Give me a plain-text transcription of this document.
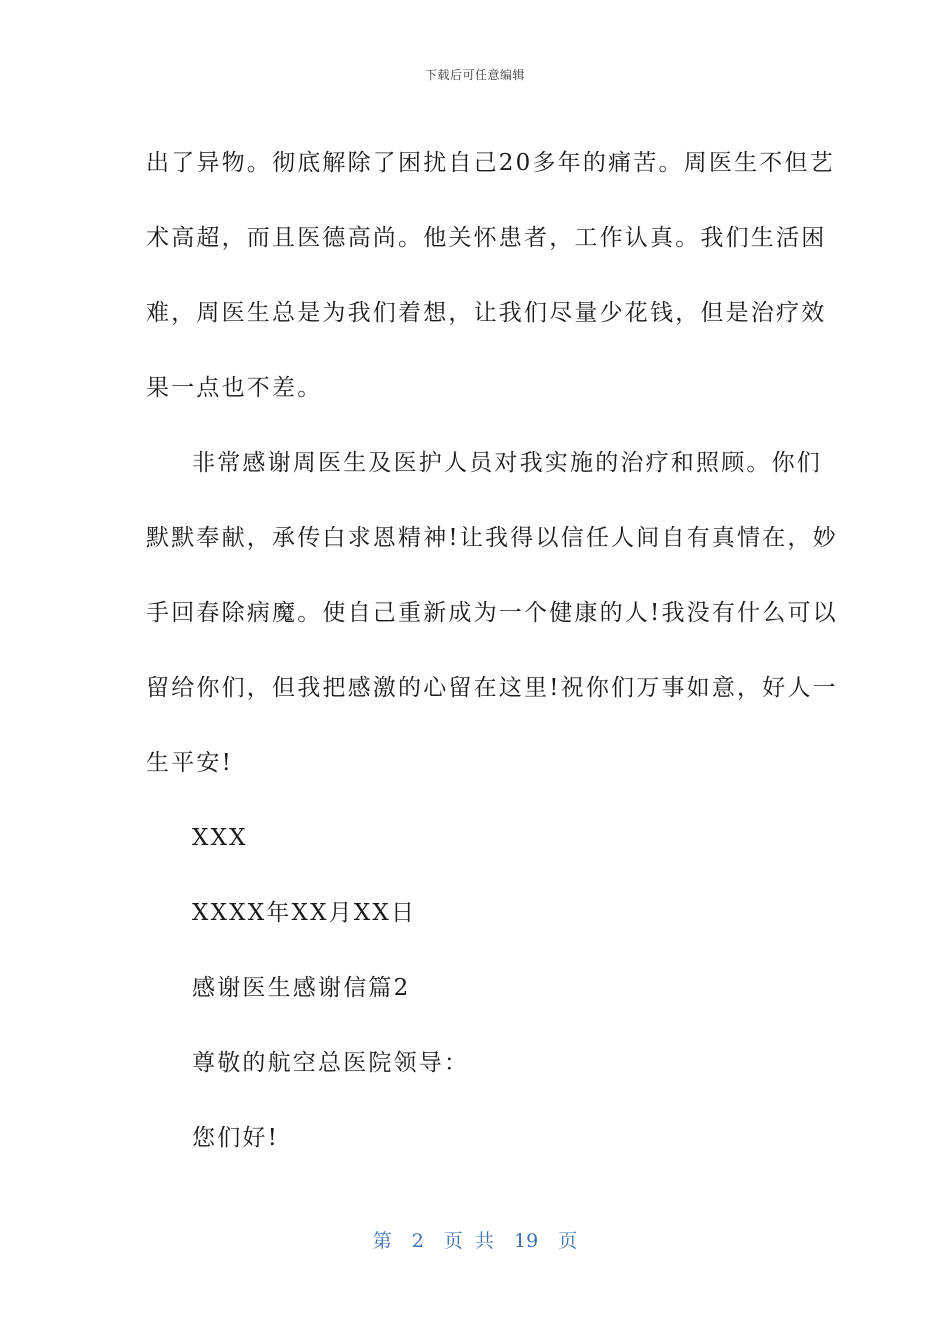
下载后可任意编辑

出了异物。彻底解除了困扰自己20多年的痛苦。周医生不但艺

术高超，而且医德高尚。他关怀患者，工作认真。我们生活困

难，周医生总是为我们着想，让我们尽量少花钱，但是治疗效

果一点也不差。

非常感谢周医生及医护人员对我实施的治疗和照顾。你们

默默奉献，承传白求恩精神!让我得以信任人间自有真情在，妙

手回春除病魔。使自己重新成为一个健康的人!我没有什么可以

留给你们，但我把感激的心留在这里!祝你们万事如意，好人一

生平安!

XXX

XXXX年XX月XX日

感谢医生感谢信篇2

尊敬的航空总医院领导：

您们好!

第 2 页 共 19 页
